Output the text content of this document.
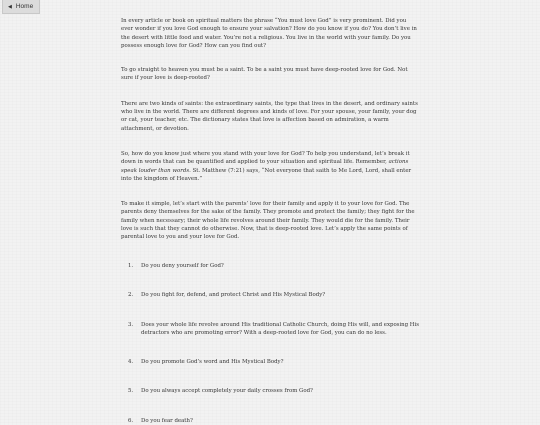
◀ Home

In every article or book on spiritual matters the phrase “You must love God” is very prominent. Did you ever wonder if you love God enough to ensure your salvation? How do you know if you do? You don’t live in the desert with little food and water. You’re not a religious. You live in the world with your family. Do you possess enough love for God? How can you find out?

To go straight to heaven you must be a saint. To be a saint you must have deep-rooted love for God. Not sure if your love is deep-rooted?

There are two kinds of saints: the extraordinary saints, the type that lives in the desert, and ordinary saints who live in the world. There are different degrees and kinds of love. For your spouse, your family, your dog or cat, your teacher, etc. The dictionary states that love is affection based on admiration, a warm attachment, or devotion.

So, how do you know just where you stand with your love for God? To help you understand, let’s break it down in words that can be quantified and applied to your situation and spiritual life. Remember, actions speak louder than words. St. Matthew (7:21) says, “Not everyone that saith to Me Lord, Lord, shall enter into the kingdom of Heaven.”

To make it simple, let’s start with the parents’ love for their family and apply it to your love for God. The parents deny themselves for the sake of the family. They promote and protect the family; they fight for the family when necessary; their whole life revolves around their family. They would die for the family. Their love is such that they cannot do otherwise. Now, that is deep-rooted love. Let’s apply the same points of parental love to you and your love for God.

1. Do you deny yourself for God?
2. Do you fight for, defend, and protect Christ and His Mystical Body?
3. Does your whole life revolve around His traditional Catholic Church, doing His will, and exposing His detractors who are promoting error? With a deep-rooted love for God, you can do no less.
4. Do you promote God’s word and His Mystical Body?
5. Do you always accept completely your daily crosses from God?
6. Do you fear death?
